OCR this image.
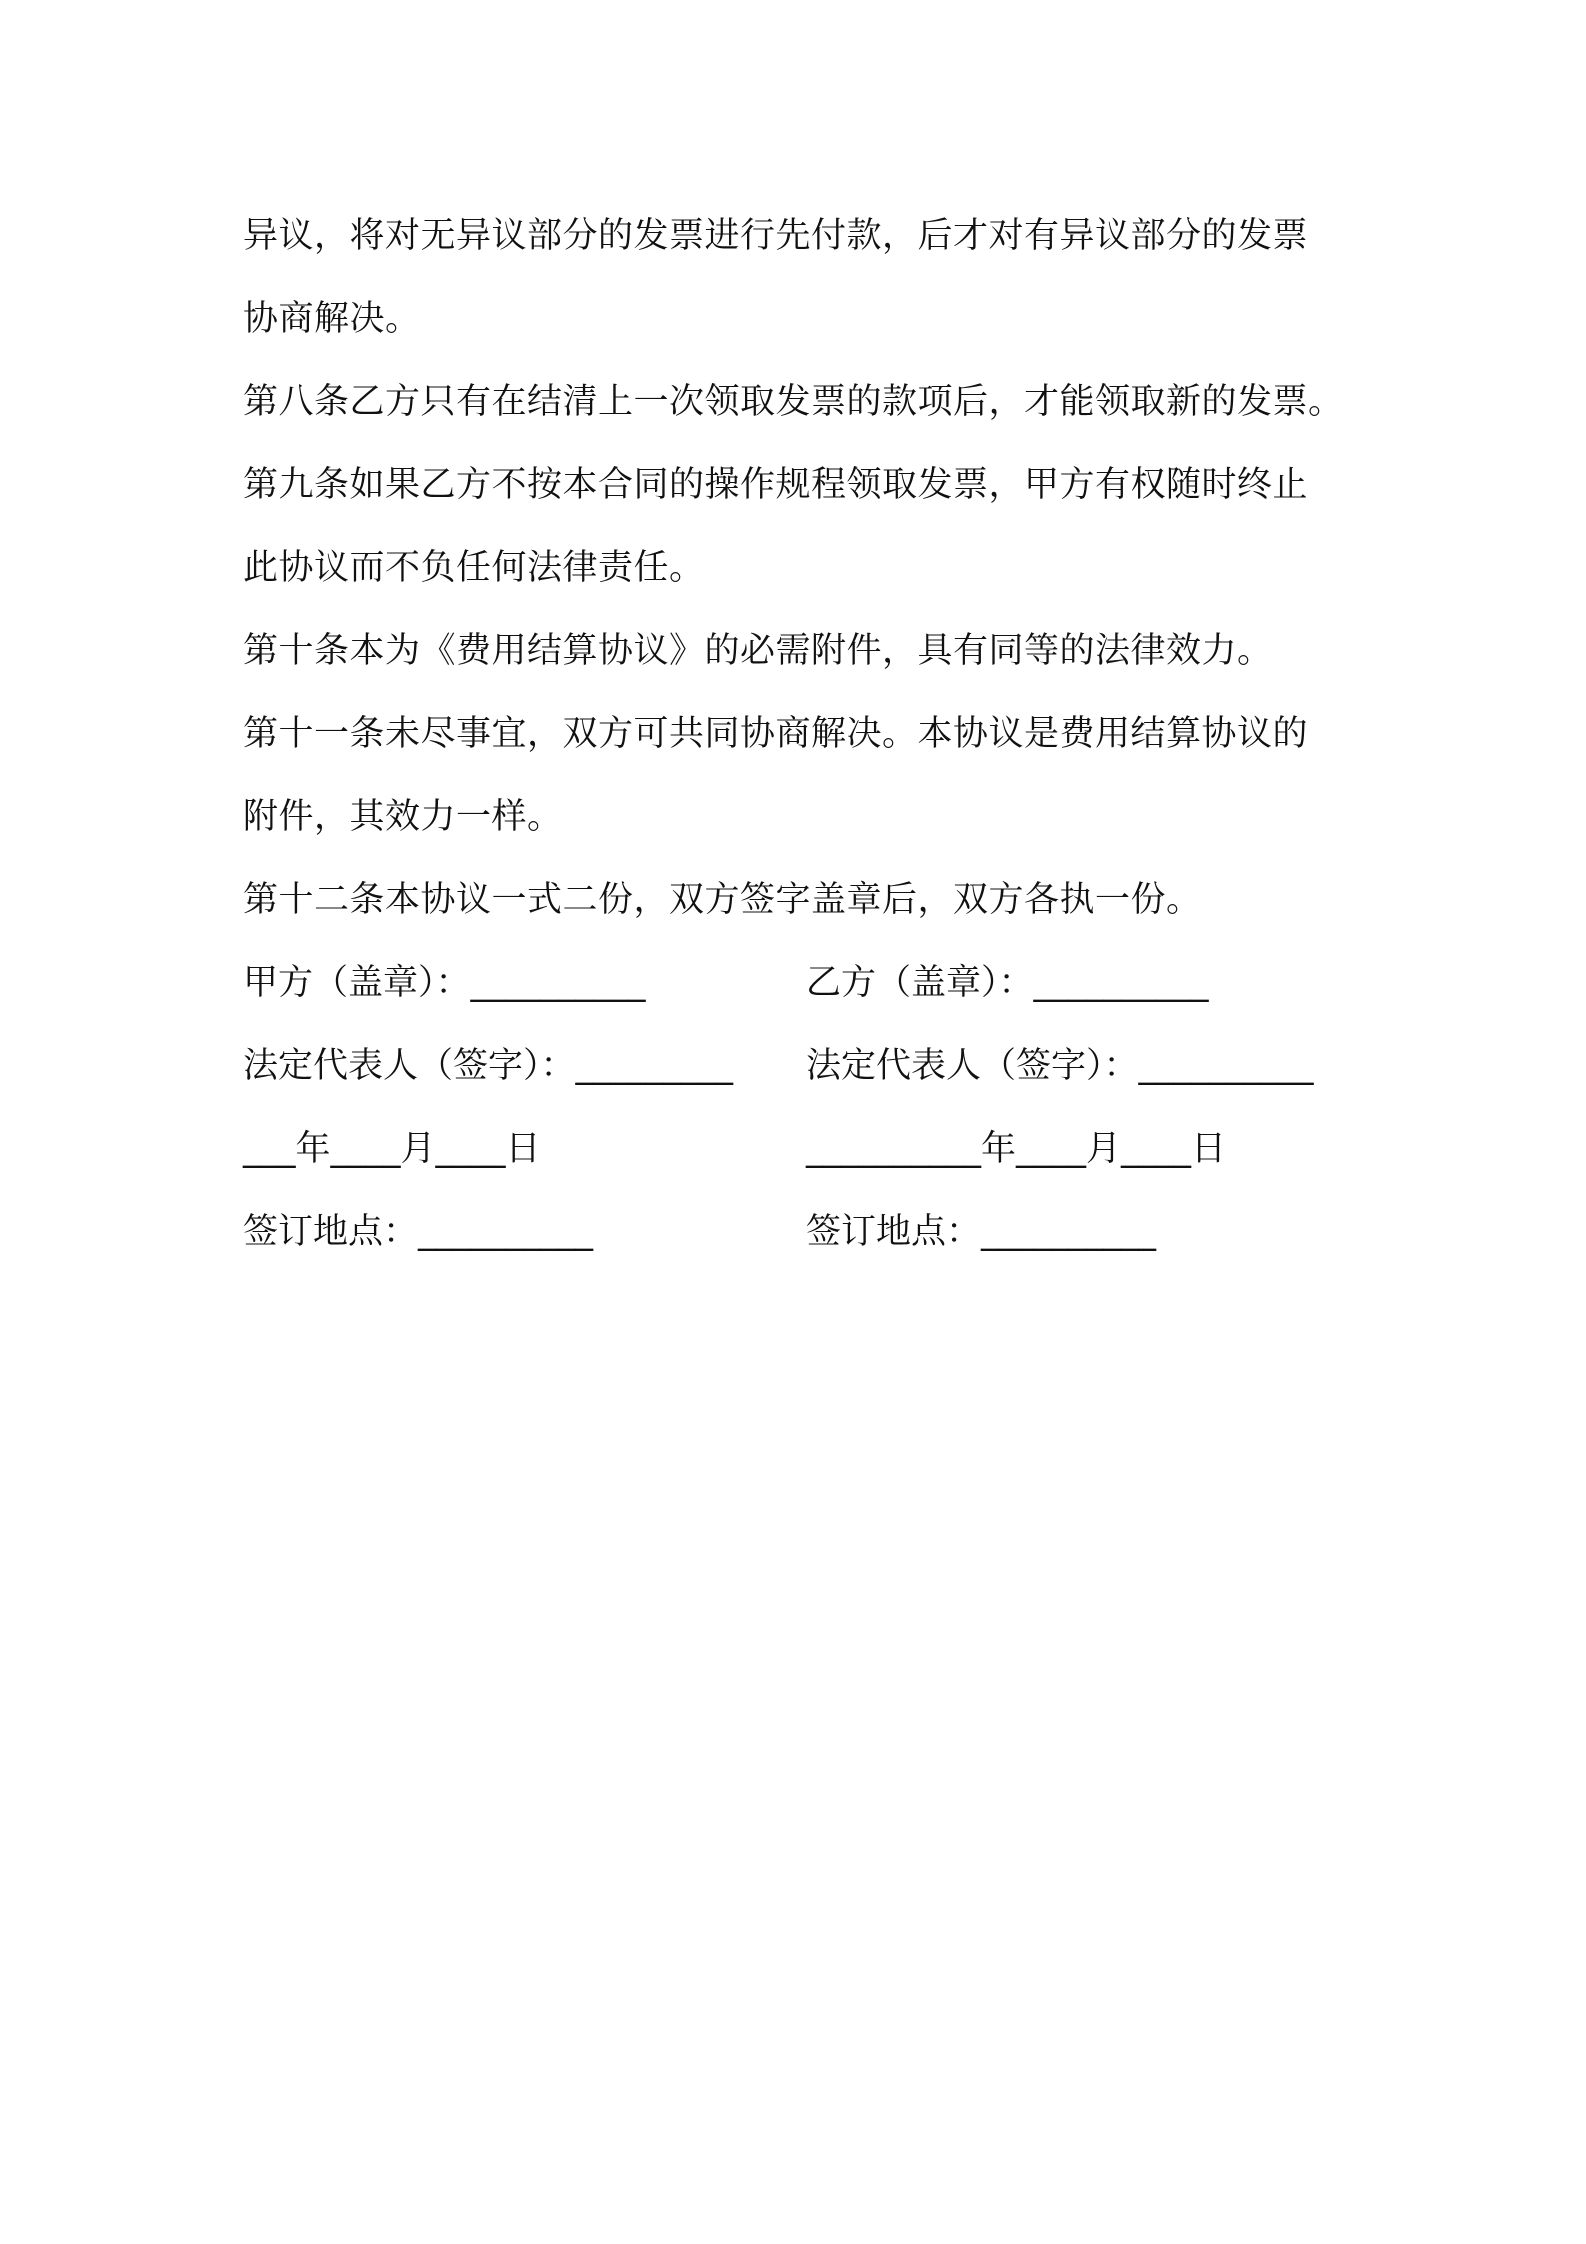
异议，将对无异议部分的发票进行先付款，后才对有异议部分的发票
协商解决。
第八条乙方只有在结清上一次领取发票的款项后，才能领取新的发票。
第九条如果乙方不按本合同的操作规程领取发票，甲方有权随时终止
此协议而不负任何法律责任。
第十条本为《费用结算协议》的必需附件，具有同等的法律效力。
第十一条未尽事宜，双方可共同协商解决。本协议是费用结算协议的
附件，其效力一样。
第十二条本协议一式二份，双方签字盖章后，双方各执一份。
甲方（盖章）：__________	乙方（盖章）：__________
法定代表人（签字）：_________ 法定代表人（签字）：__________
___年____月____日	__________年____月____日
签订地点：__________	签订地点：__________
